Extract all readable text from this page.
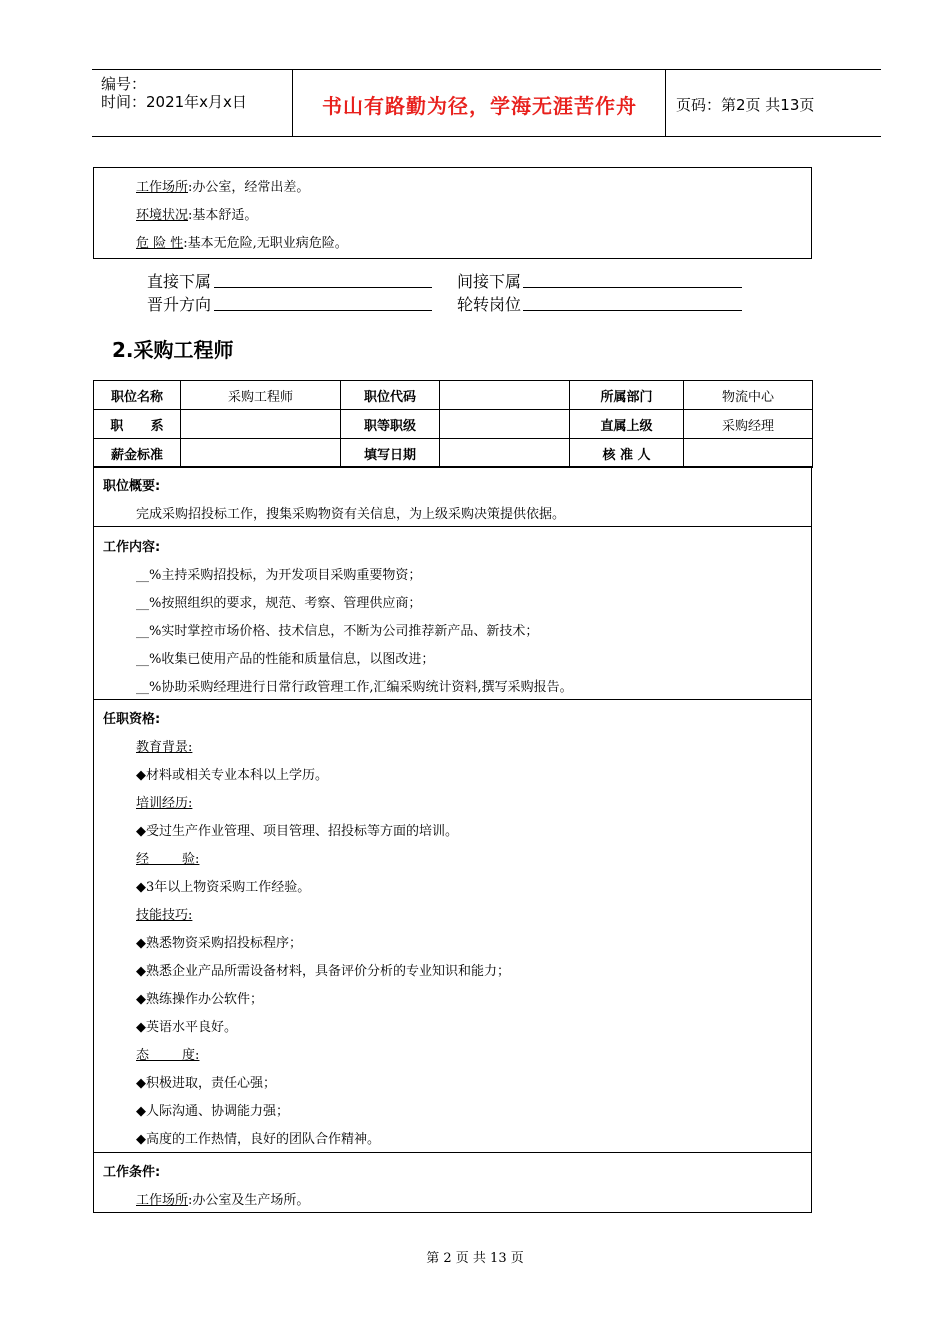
编号：
时间：2021年x月x日	书山有路勤为径，学海无涯苦作舟	页码：第2页 共13页
工作场所:办公室，经常出差。
环境状况:基本舒适。
危 险 性:基本无危险,无职业病危险。
直接下属	间接下属
晋升方向	轮转岗位
2.采购工程师
职位名称	采购工程师	职位代码		所属部门	物流中心
职      系		职等职级		直属上级	采购经理
薪金标准		填写日期		核 准 人	
职位概要:
完成采购招投标工作，搜集采购物资有关信息，为上级采购决策提供依据。
工作内容:
__%主持采购招投标，为开发项目采购重要物资；
__%按照组织的要求，规范、考察、管理供应商；
__%实时掌控市场价格、技术信息，不断为公司推荐新产品、新技术；
__%收集已使用产品的性能和质量信息，以图改进；
__%协助采购经理进行日常行政管理工作,汇编采购统计资料,撰写采购报告。
任职资格:
教育背景:
◆材料或相关专业本科以上学历。
培训经历:
◆受过生产作业管理、项目管理、招投标等方面的培训。
经        验:
◆3年以上物资采购工作经验。
技能技巧:
◆熟悉物资采购招投标程序；
◆熟悉企业产品所需设备材料，具备评价分析的专业知识和能力；
◆熟练操作办公软件；
◆英语水平良好。
态        度:
◆积极进取，责任心强；
◆人际沟通、协调能力强；
◆高度的工作热情，良好的团队合作精神。
工作条件:
工作场所:办公室及生产场所。
第 2 页 共 13 页
